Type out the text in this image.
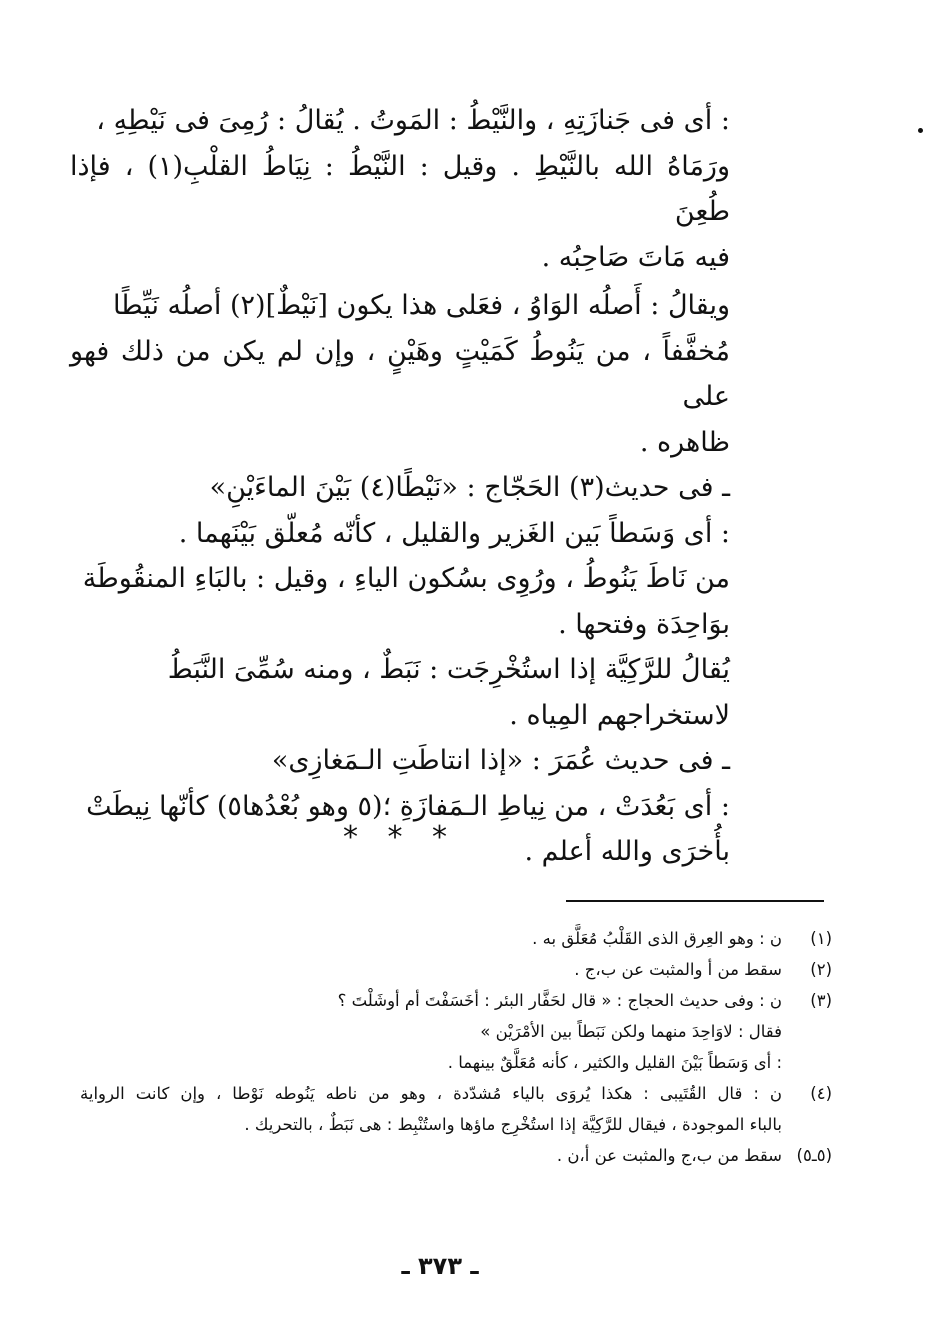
: أى فى جَنازَتِهِ ، والنَّيْطُ : المَوتُ . يُقالُ : رُمِىَ فى نَيْطِهِ ،

ورَمَاهُ الله بالنَّيْطِ . وقيل : النَّيْطُ : نِيَاطُ القلْبِ(١) ، فإذا طُعِنَ

فيه مَاتَ صَاحِبُه .

ويقالُ : أَصلُه الوَاوُ ، فعَلى هذا يكون [نَيْطٌ](٢) أصلُه نَيِّطًا

مُخفَّفاً ، من يَنُوطُ كَمَيْتٍ وهَيْنٍ ، وإن لم يكن من ذلك فهو على

ظاهره .

ـ فى حديث(٣) الحَجّاج : «نَيْطًا(٤) بَيْنَ الماءَيْنِ»

: أى وَسَطاً بَين الغَزير والقليل ، كأنّه مُعلّق بَيْنَهما .

من نَاطَ يَنُوطُ ، ورُوِى بسُكون الياءِ ، وقيل : بالبَاءِ المنقُوطَة

بوَاحِدَة وفتحها .

يُقالُ للرَّكِيَّة إذا استُخْرِجَت : نَبَطٌ ، ومنه سُمِّىَ النَّبَطُ

لاستخراجهم المِياه .

ـ فى حديث عُمَرَ : «إذا انتاطَتِ الـمَغازِى»

: أى بَعُدَتْ ، من نِياطِ الـمَفازَةِ ؛(٥ وهو بُعْدُها٥) كأنّها نِيطَتْ

بأُخرَى والله أعلم .

* * *
(١)
ن : وهو العِرق الذى القَلْبُ مُعَلَّق به .
(٢)
سقط من أ والمثبت عن ب،ج .
(٣)
ن : وفى حديث الحجاج : « قال لحَفَّار البئر : أخَسَفْتَ أم أوشَلْتَ ؟
فقال : لاوَاحِدَ منهما ولكن نَبَطاً بين الأمْرَيْن »
: أى وَسَطاً بَيْنَ القليل والكثير ، كأنه مُعَلَّقٌ بينهما .
(٤)
ن : قال القُتَيبى : هكذا يُروَى بالياء مُشدّدة ، وهو من ناطه يَنُوطه نَوْطا ، وإن كانت الرواية
بالباء الموجودة ، فيقال للرَّكِيَّة إذا استُخْرِج ماؤها واستُنْبِط : هى نَبَطٌ ، بالتحريك .
(٥ـ٥)
سقط من ب،ج والمثبت عن أ،ن .
ـ ٣٧٣ ـ
